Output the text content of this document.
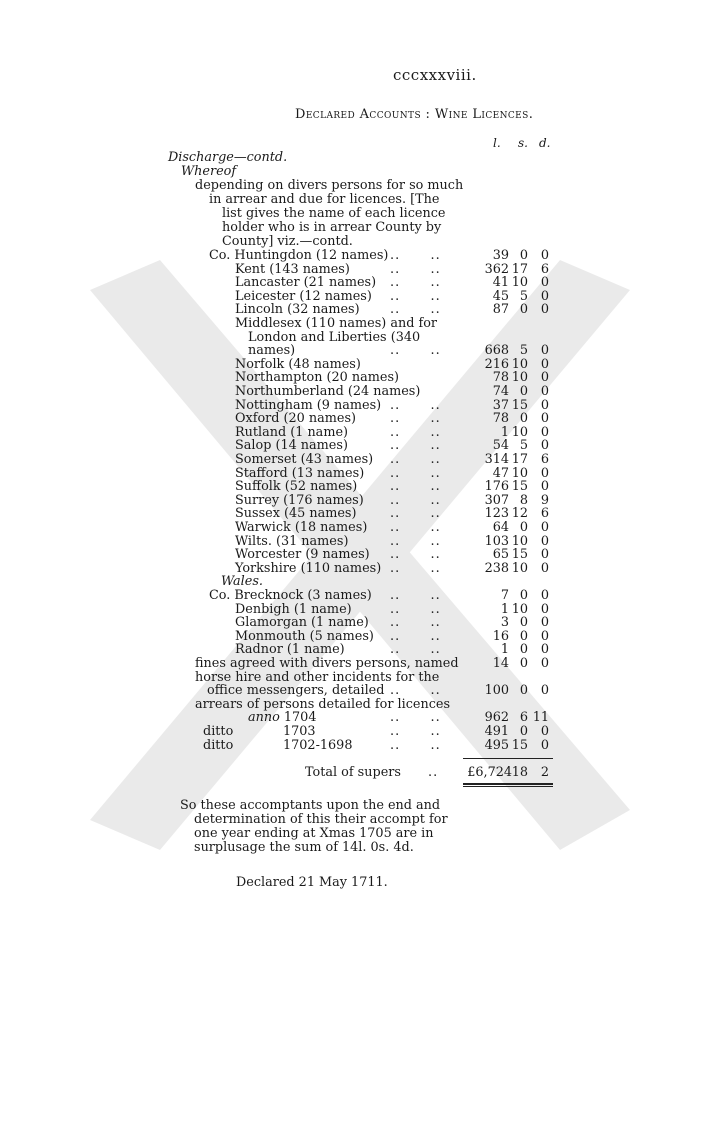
cccxxxviii.
Declared Accounts : Wine Licences.
l. s. d.
Discharge—contd.
Whereof
depending on divers persons for so much
in arrear and due for licences. [The
list gives the name of each licence
holder who is in arrear County by
County] viz.—contd.
Co. Huntingdon (12 names) ..      ..	39 0	0
Kent (143 names)	..      ..	362 17	6
Lancaster (21 names) ..      ..	41 10	0
Leicester (12 names) ..      ..	45 5	0
Lincoln (32 names) ..      ..	87 0	0
Middlesex (110 names) and for
London and Liberties (340
names)	..      ..	668 5	0
Norfolk (48 names)	216 10	0
Northampton (20 names)	78 10	0
Northumberland (24 names)	74 0	0
Nottingham (9 names) ..      ..	37 15	0
Oxford (20 names)	..      ..	78 0	0
Rutland (1 name)	..      ..	1 10	0
Salop (14 names)	..      ..	54 5	0
Somerset (43 names) ..      ..	314 17	6
Stafford (13 names) ..      ..	47 10	0
Suffolk (52 names)	..      ..	176 15	0
Surrey (176 names) ..      ..	307 8	9
Sussex (45 names)	..      ..	123 12	6
Warwick (18 names) ..      ..	64 0	0
Wilts. (31 names)	..      ..	103 10	0
Worcester (9 names) ..      ..	65 15	0
Yorkshire (110 names) ..      ..	238 10	0
Wales.
Co. Brecknock (3 names) ..      ..	7 0	0
Denbigh (1 name)	..      ..	1 10	0
Glamorgan (1 name) ..      ..	3 0	0
Monmouth (5 names) ..      ..	16 0	0
Radnor (1 name)	..      ..	1 0	0
fines agreed with divers persons, named	14 0	0
horse hire and other incidents for the
office messengers, detailed ..      ..	100 0	0
arrears of persons detailed for licences
anno 1704	..      ..	962 6 11
ditto	1703	..      ..	491 0	0
ditto	1702-1698	..      ..	495 15	0
Total of supers ..	£6,724 18	2
So these accomptants upon the end and
determination of this their accompt for
one year ending at Xmas 1705 are in
surplusage the sum of 14l. 0s. 4d.
Declared 21 May 1711.
